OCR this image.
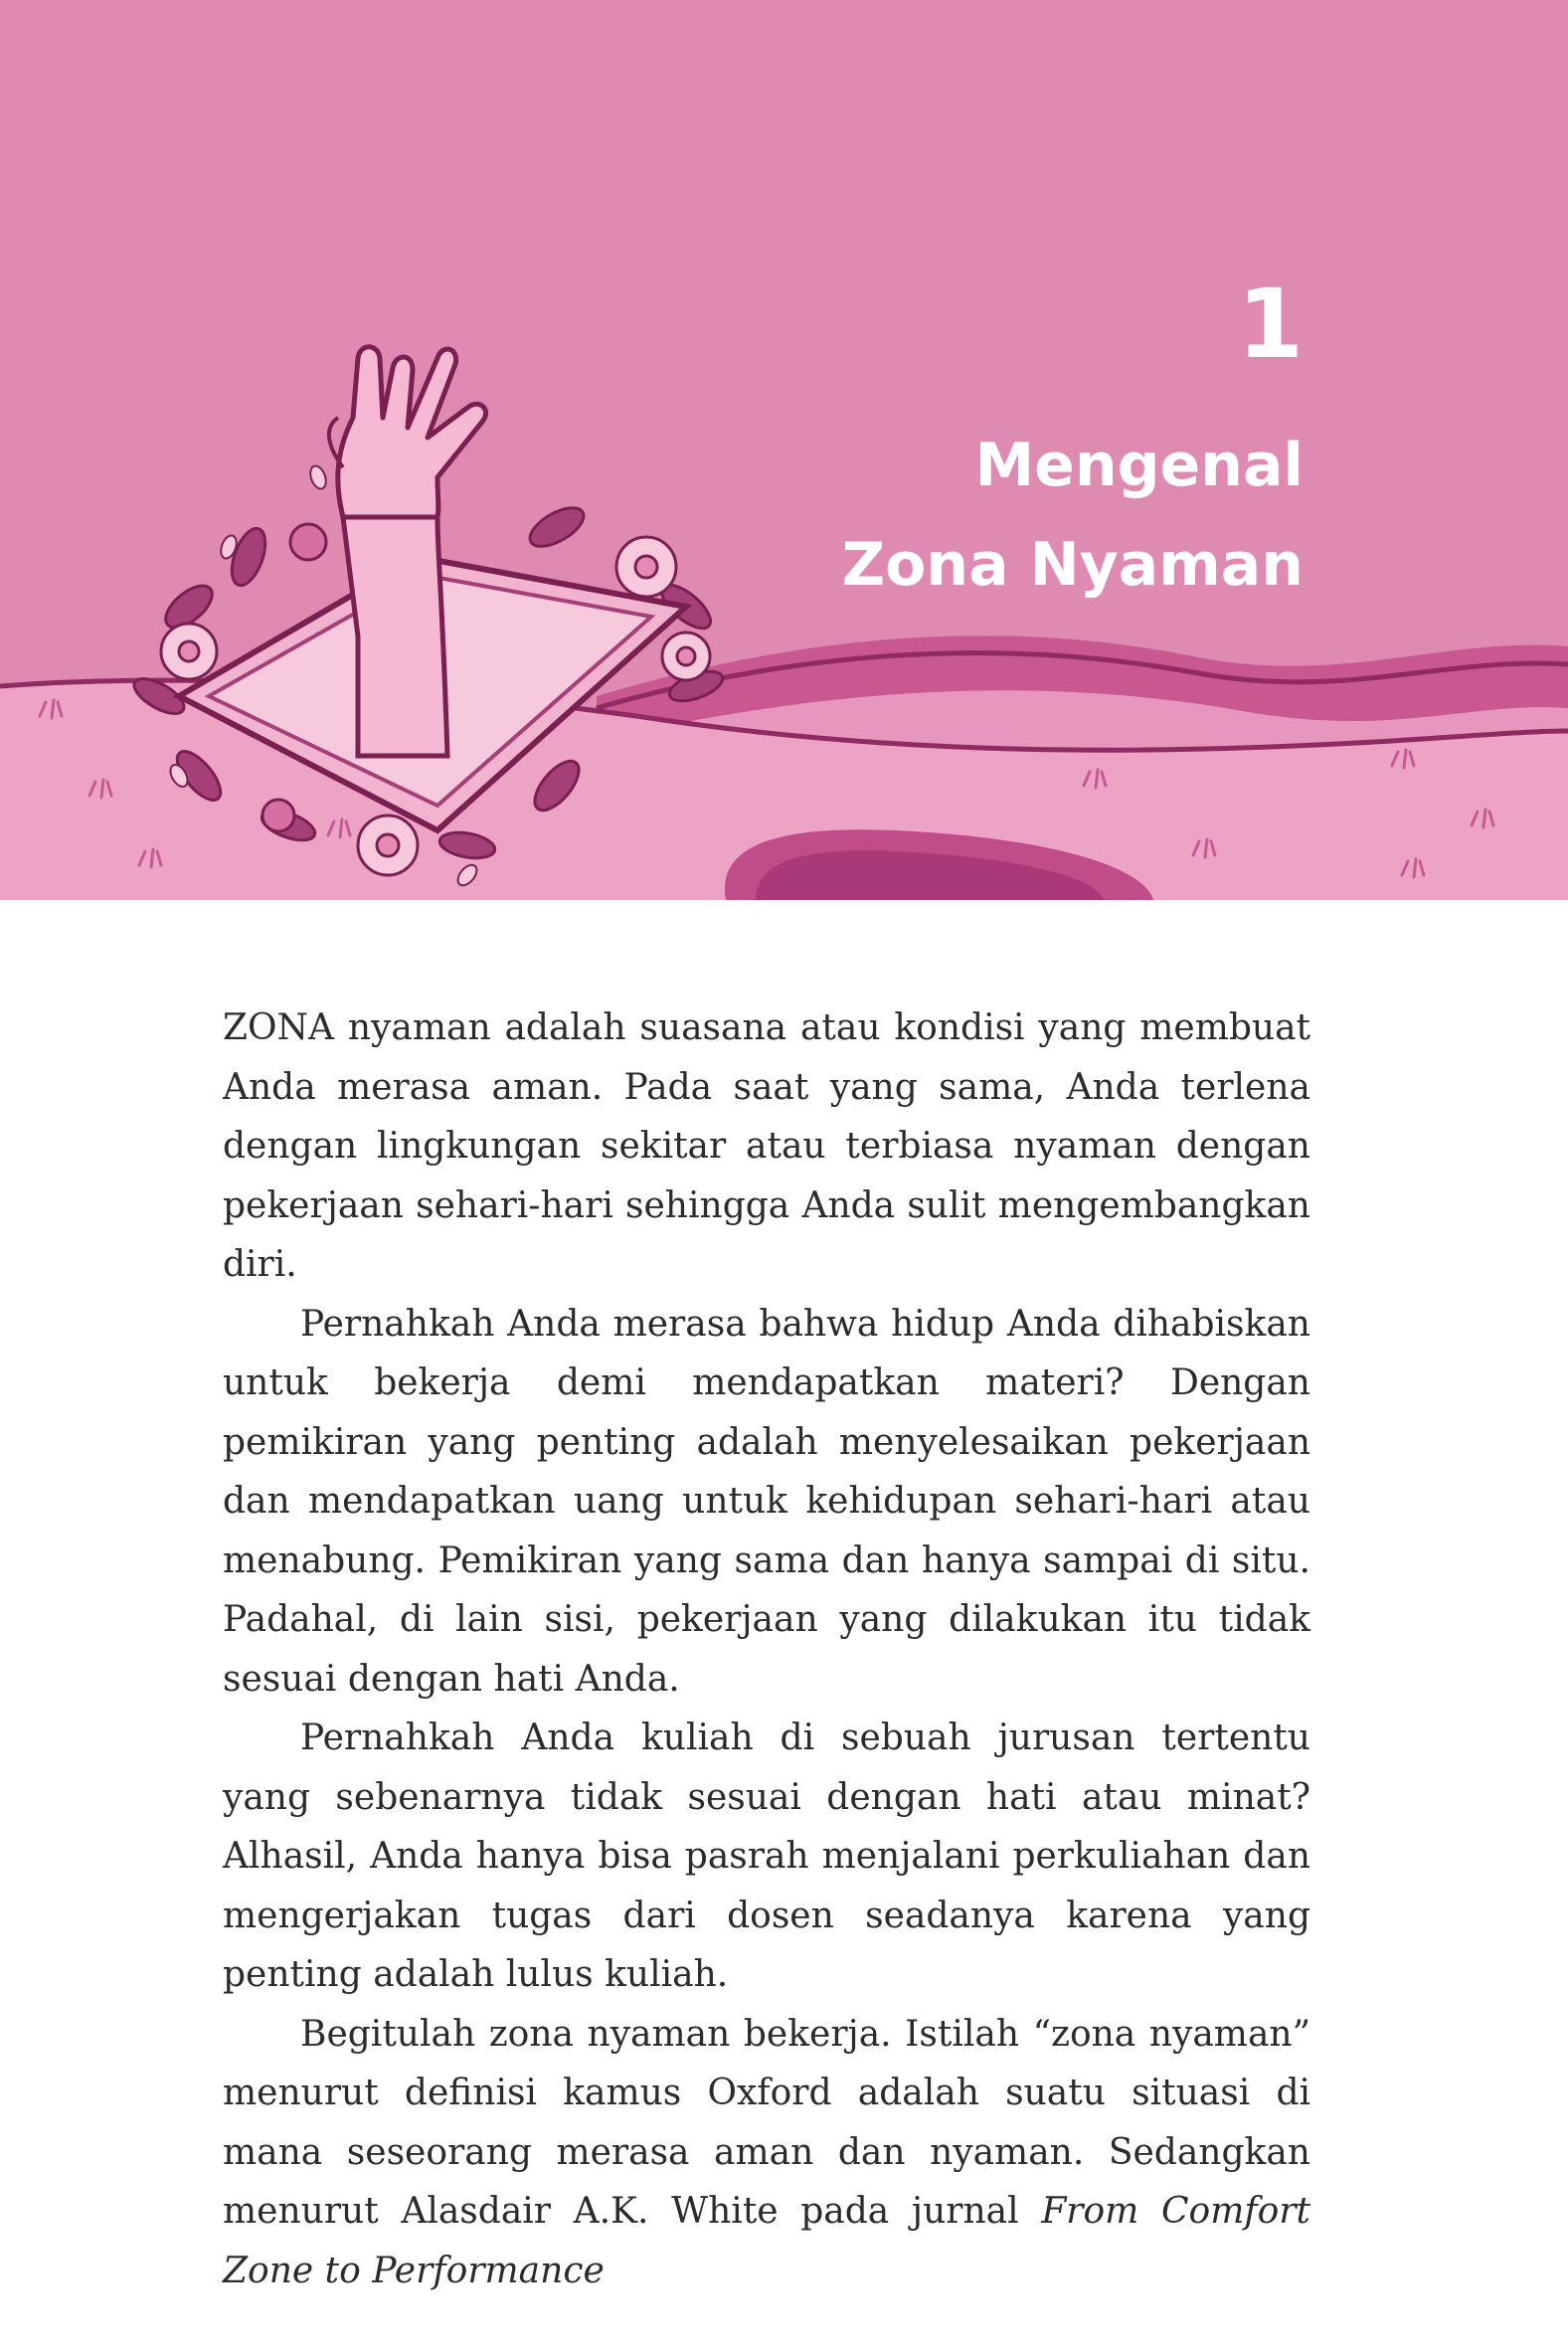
1
Mengenal
Zona Nyaman

ZONA nyaman adalah suasana atau kondisi yang membuat Anda merasa aman. Pada saat yang sama, Anda terlena dengan lingkungan sekitar atau terbiasa nyaman dengan pekerjaan sehari-hari sehingga Anda sulit mengembangkan diri.

Pernahkah Anda merasa bahwa hidup Anda dihabiskan untuk bekerja demi mendapatkan materi? Dengan pemikiran yang penting adalah menyelesaikan pekerjaan dan mendapatkan uang untuk kehidupan sehari-hari atau menabung. Pemikiran yang sama dan hanya sampai di situ. Padahal, di lain sisi, pekerjaan yang dilakukan itu tidak sesuai dengan hati Anda.

Pernahkah Anda kuliah di sebuah jurusan tertentu yang sebenarnya tidak sesuai dengan hati atau minat? Alhasil, Anda hanya bisa pasrah menjalani perkuliahan dan mengerjakan tugas dari dosen seadanya karena yang penting adalah lulus kuliah.

Begitulah zona nyaman bekerja. Istilah “zona nyaman” menurut definisi kamus Oxford adalah suatu situasi di mana seseorang merasa aman dan nyaman. Sedangkan menurut Alasdair A.K. White pada jurnal From Comfort Zone to Performance
